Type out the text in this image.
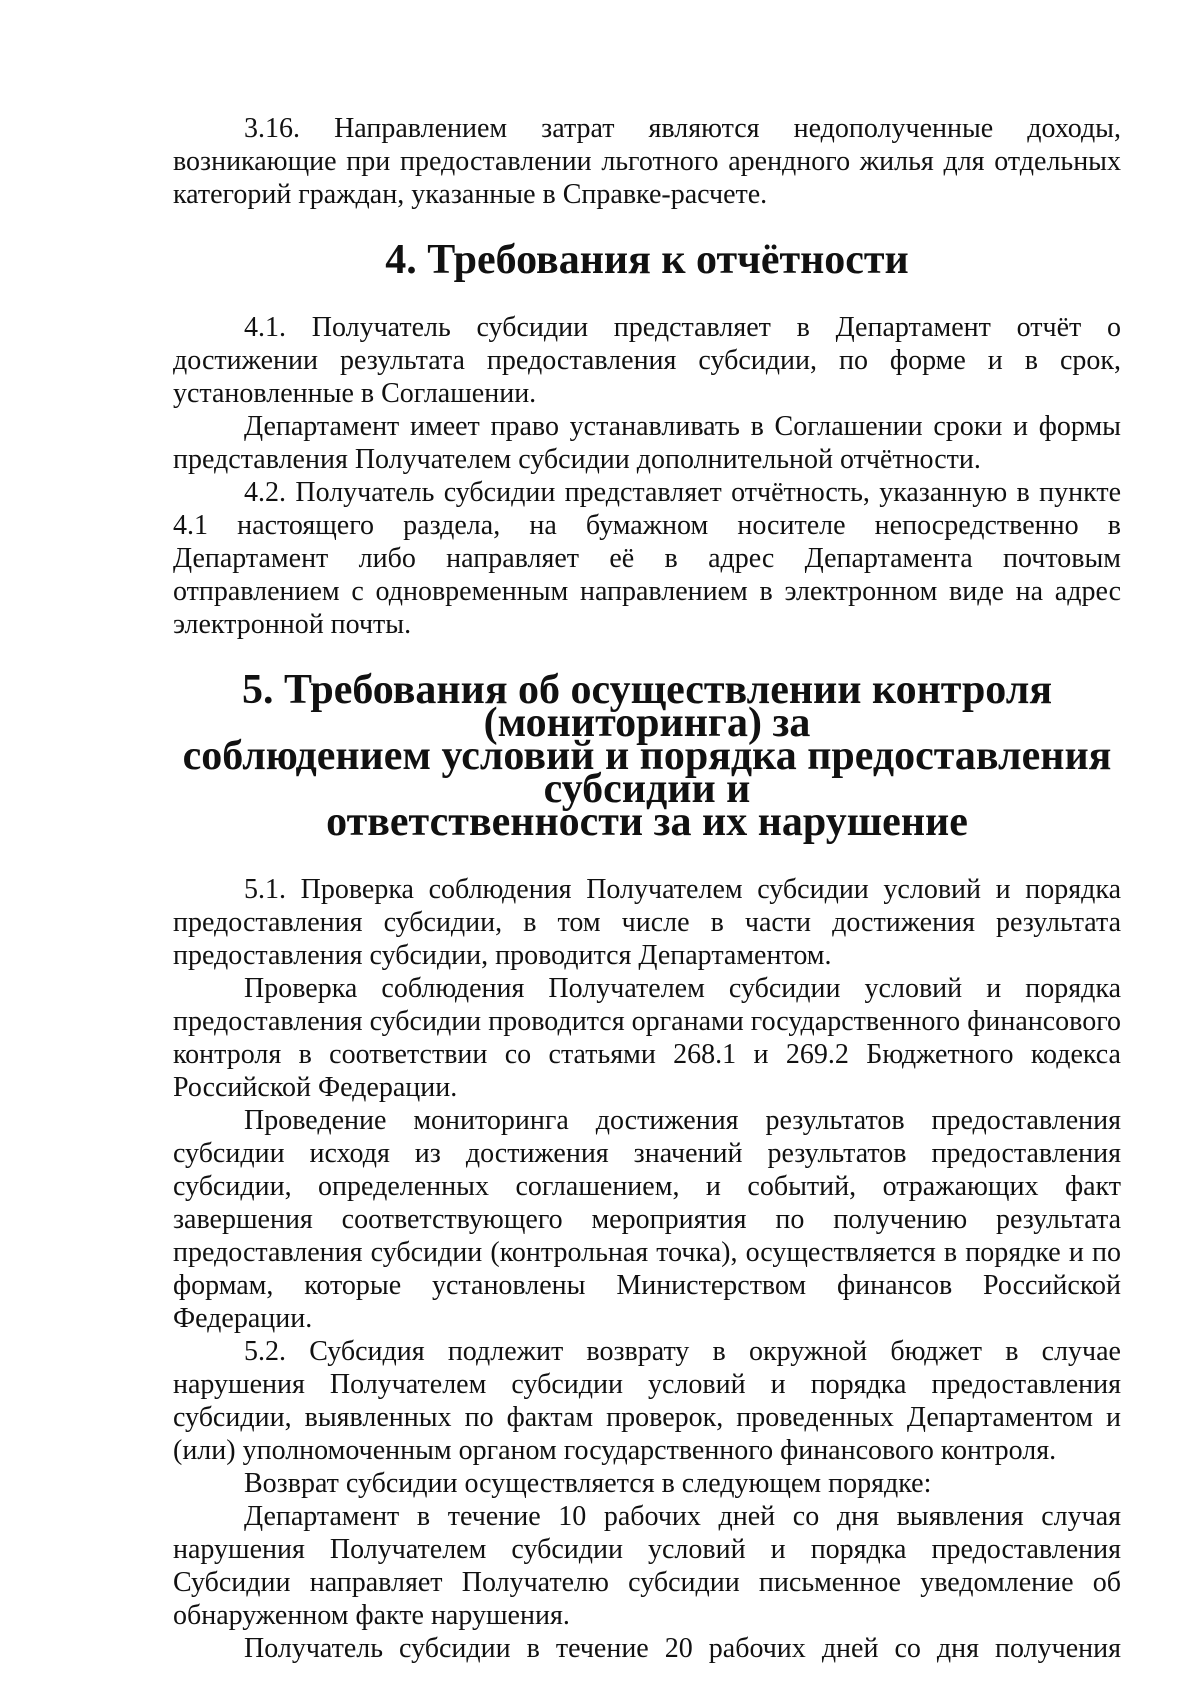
3.16. Направлением затрат являются недополученные доходы, возникающие при предоставлении льготного арендного жилья для отдельных категорий граждан, указанные в Справке-расчете.

4. Требования к отчётности

4.1. Получатель субсидии представляет в Департамент отчёт о достижении результата предоставления субсидии, по форме и в срок, установленные в Соглашении.

Департамент имеет право устанавливать в Соглашении сроки и формы представления Получателем субсидии дополнительной отчётности.

4.2. Получатель субсидии представляет отчётность, указанную в пункте 4.1 настоящего раздела, на бумажном носителе непосредственно в Департамент либо направляет её в адрес Департамента почтовым отправлением с одновременным направлением в электронном виде на адрес электронной почты.

5. Требования об осуществлении контроля (мониторинга) за
соблюдением условий и порядка предоставления субсидии и
ответственности за их нарушение

5.1. Проверка соблюдения Получателем субсидии условий и порядка предоставления субсидии, в том числе в части достижения результата предоставления субсидии, проводится Департаментом.

Проверка соблюдения Получателем субсидии условий и порядка предоставления субсидии проводится органами государственного финансового контроля в соответствии со статьями 268.1 и 269.2 Бюджетного кодекса Российской Федерации.

Проведение мониторинга достижения результатов предоставления субсидии исходя из достижения значений результатов предоставления субсидии, определенных соглашением, и событий, отражающих факт завершения соответствующего мероприятия по получению результата предоставления субсидии (контрольная точка), осуществляется в порядке и по формам, которые установлены Министерством финансов Российской Федерации.

5.2. Субсидия подлежит возврату в окружной бюджет в случае нарушения Получателем субсидии условий и порядка предоставления субсидии, выявленных по фактам проверок, проведенных Департаментом и (или) уполномоченным органом государственного финансового контроля.

Возврат субсидии осуществляется в следующем порядке:

Департамент в течение 10 рабочих дней со дня выявления случая нарушения Получателем субсидии условий и порядка предоставления Субсидии направляет Получателю субсидии письменное уведомление об обнаруженном факте нарушения.

Получатель субсидии в течение 20 рабочих дней со дня получения
